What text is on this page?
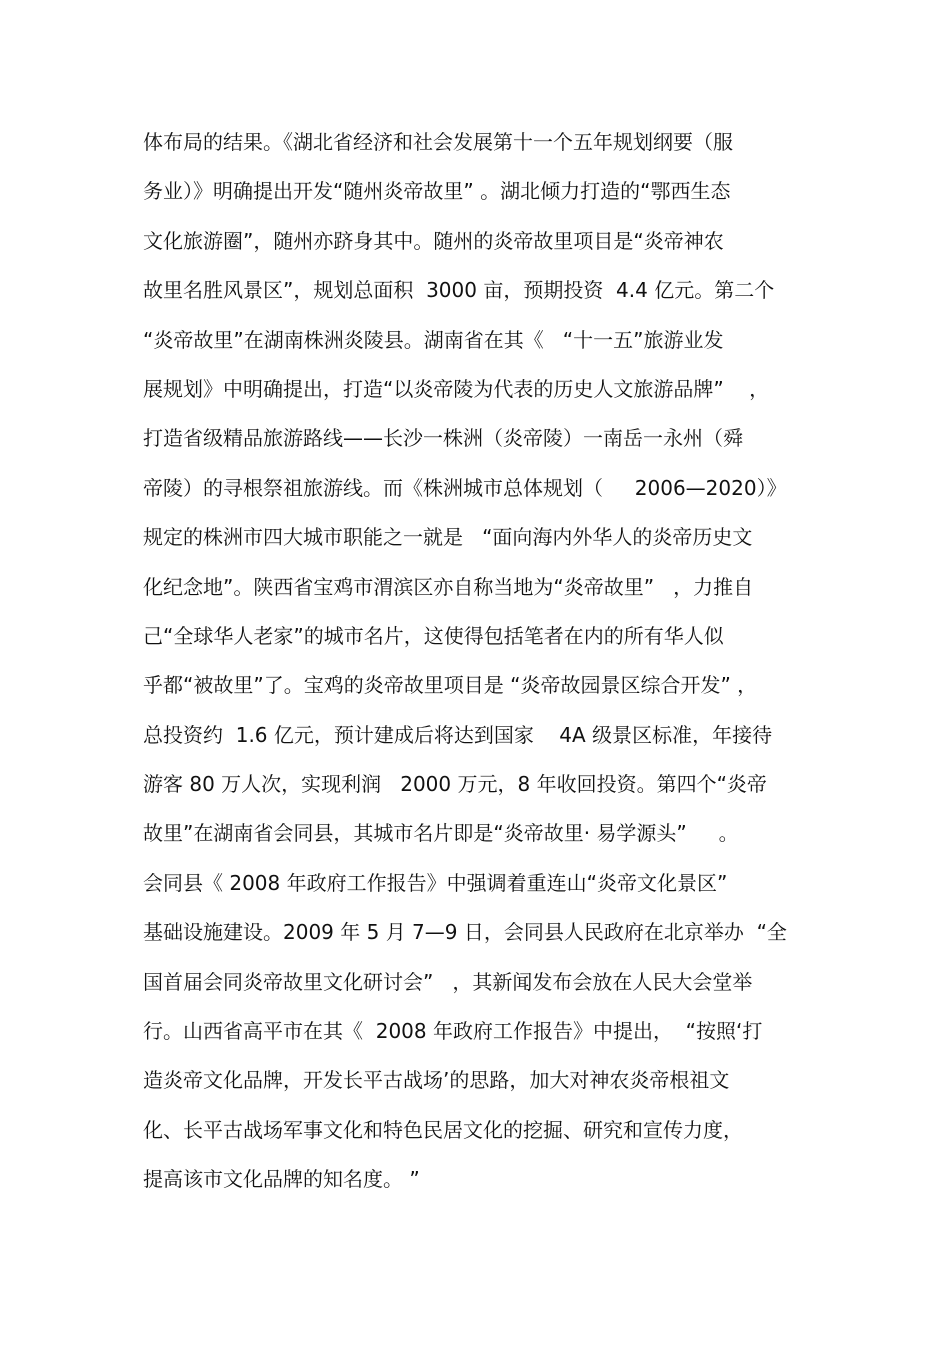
体布局的结果。《湖北省经济和社会发展第十一个五年规划纲要（服
务业）》明确提出开发“随州炎帝故里” 。湖北倾力打造的“鄂西生态
文化旅游圈”，随州亦跻身其中。随州的炎帝故里项目是“炎帝神农
故里名胜风景区”，规划总面积  3000 亩，预期投资  4.4 亿元。第二个
“炎帝故里”在湖南株洲炎陵县。湖南省在其《   “十一五”旅游业发
展规划》中明确提出，打造“以炎帝陵为代表的历史人文旅游品牌”    ，
打造省级精品旅游路线——长沙一株洲（炎帝陵）一南岳一永州（舜
帝陵）的寻根祭祖旅游线。而《株洲城市总体规划（     2006—2020）》
规定的株洲市四大城市职能之一就是   “面向海内外华人的炎帝历史文
化纪念地”。陕西省宝鸡市渭滨区亦自称当地为“炎帝故里”   ，力推自
己“全球华人老家”的城市名片，这使得包括笔者在内的所有华人似
乎都“被故里”了。宝鸡的炎帝故里项目是 “炎帝故园景区综合开发” ，
总投资约  1.6 亿元，预计建成后将达到国家    4A 级景区标准，年接待
游客 80 万人次，实现利润   2000 万元，8 年收回投资。第四个“炎帝
故里”在湖南省会同县，其城市名片即是“炎帝故里· 易学源头”     。
会同县《 2008 年政府工作报告》中强调着重连山“炎帝文化景区”
基础设施建设。2009 年 5 月 7—9 日，会同县人民政府在北京举办  “全
国首届会同炎帝故里文化研讨会”   ，其新闻发布会放在人民大会堂举
行。山西省高平市在其《  2008 年政府工作报告》中提出，  “按照‘打
造炎帝文化品牌，开发长平古战场’的思路，加大对神农炎帝根祖文
化、长平古战场军事文化和特色民居文化的挖掘、研究和宣传力度，
提高该市文化品牌的知名度。 ”
